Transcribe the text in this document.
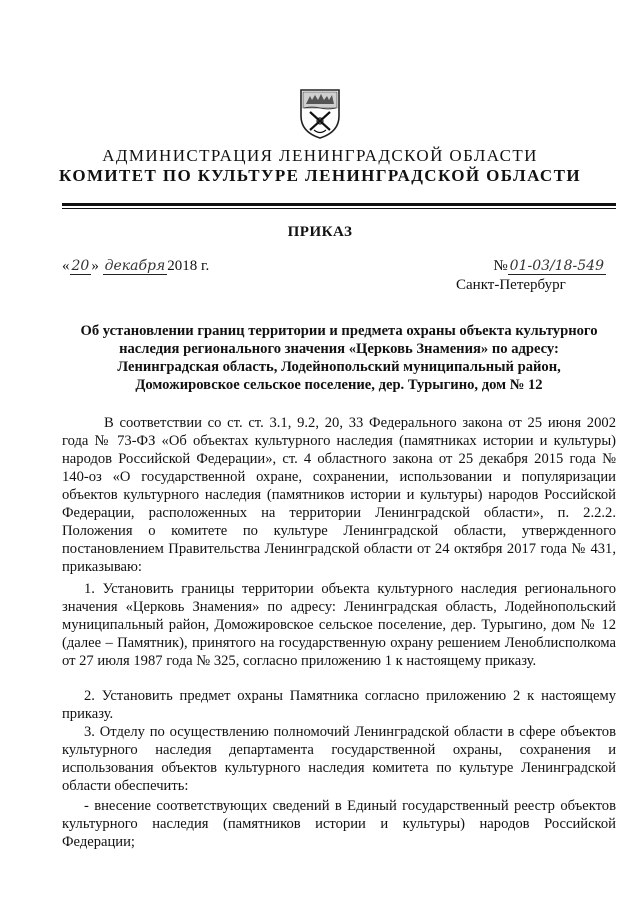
АДМИНИСТРАЦИЯ ЛЕНИНГРАДСКОЙ ОБЛАСТИ
КОМИТЕТ ПО КУЛЬТУРЕ ЛЕНИНГРАДСКОЙ ОБЛАСТИ
ПРИКАЗ
« 20 » декабря 2018 г.	№ 01-03/18-549
Санкт-Петербург
Об установлении границ территории и предмета охраны объекта культурного
наследия регионального значения «Церковь Знамения» по адресу:
Ленинградская область, Лодейнопольский муниципальный район,
Доможировское сельское поселение, дер. Турыгино, дом № 12
В соответствии со ст. ст. 3.1, 9.2, 20, 33 Федерального закона от 25 июня 2002 года № 73-ФЗ «Об объектах культурного наследия (памятниках истории и культуры) народов Российской Федерации», ст. 4 областного закона от 25 декабря 2015 года № 140-оз «О государственной охране, сохранении, использовании и популяризации объектов культурного наследия (памятников истории и культуры) народов Российской Федерации, расположенных на территории Ленинградской области», п. 2.2.2. Положения о комитете по культуре Ленинградской области, утвержденного постановлением Правительства Ленинградской области от 24 октября 2017 года № 431, приказываю:
1. Установить границы территории объекта культурного наследия регионального значения «Церковь Знамения» по адресу: Ленинградская область, Лодейнопольский муниципальный район, Доможировское сельское поселение, дер. Турыгино, дом № 12 (далее – Памятник), принятого на государственную охрану решением Леноблисполкома от 27 июля 1987 года № 325, согласно приложению 1 к настоящему приказу.
2. Установить предмет охраны Памятника согласно приложению 2 к настоящему приказу.
3. Отделу по осуществлению полномочий Ленинградской области в сфере объектов культурного наследия департамента государственной охраны, сохранения и использования объектов культурного наследия комитета по культуре Ленинградской области обеспечить:
- внесение соответствующих сведений в Единый государственный реестр объектов культурного наследия (памятников истории и культуры) народов Российской Федерации;
